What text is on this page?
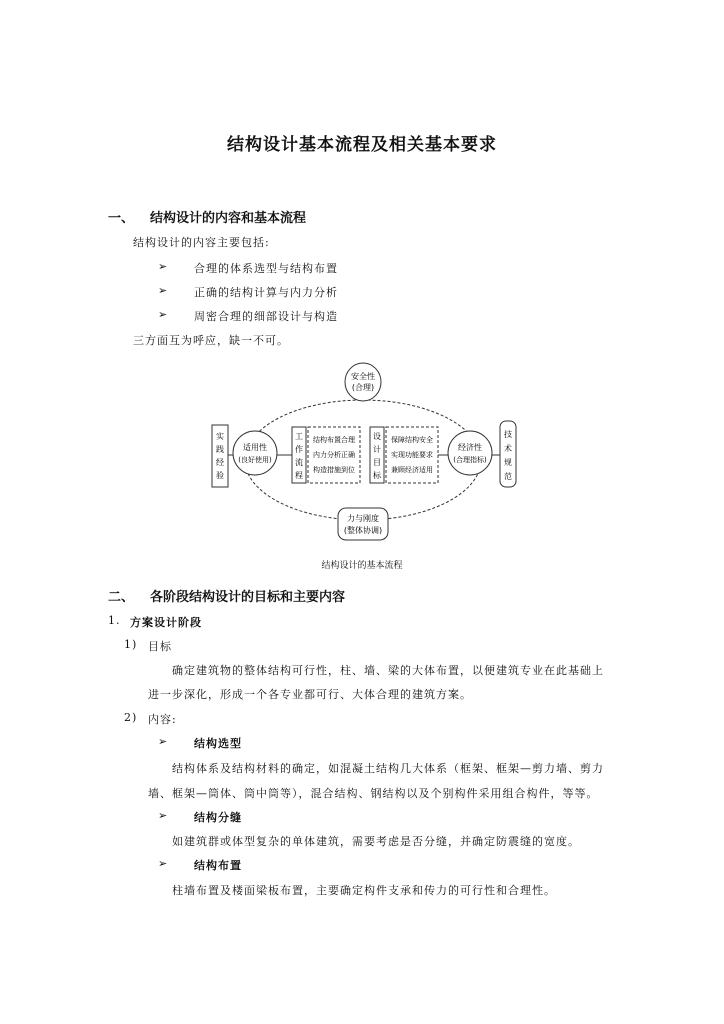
结构设计基本流程及相关基本要求
一、 结构设计的内容和基本流程
结构设计的内容主要包括:
➢ 合理的体系选型与结构布置
➢ 正确的结构计算与内力分析
➢ 周密合理的细部设计与构造
三方面互为呼应，缺一不可。
安全性
(合理)
力与刚度
(整体协调)
实
践
经
验
技
术
规
范
适用性
(良好使用)
经济性
(合理指标)
工
作
流
程
结构布置合理
内力分析正确
构造措施到位
设
计
目
标
保障结构安全
实现功能要求
兼顾经济适用
结构设计的基本流程
二、 各阶段结构设计的目标和主要内容
1. 方案设计阶段
1) 目标
确定建筑物的整体结构可行性，柱、墙、梁的大体布置，以便建筑专业在此基础上
进一步深化，形成一个各专业都可行、大体合理的建筑方案。
2) 内容:
➢ 结构选型
结构体系及结构材料的确定，如混凝土结构几大体系（框架、框架—剪力墙、剪力
墙、框架—筒体、筒中筒等），混合结构、钢结构以及个别构件采用组合构件，等等。
➢ 结构分缝
如建筑群或体型复杂的单体建筑，需要考虑是否分缝，并确定防震缝的宽度。
➢ 结构布置
柱墙布置及楼面梁板布置，主要确定构件支承和传力的可行性和合理性。
